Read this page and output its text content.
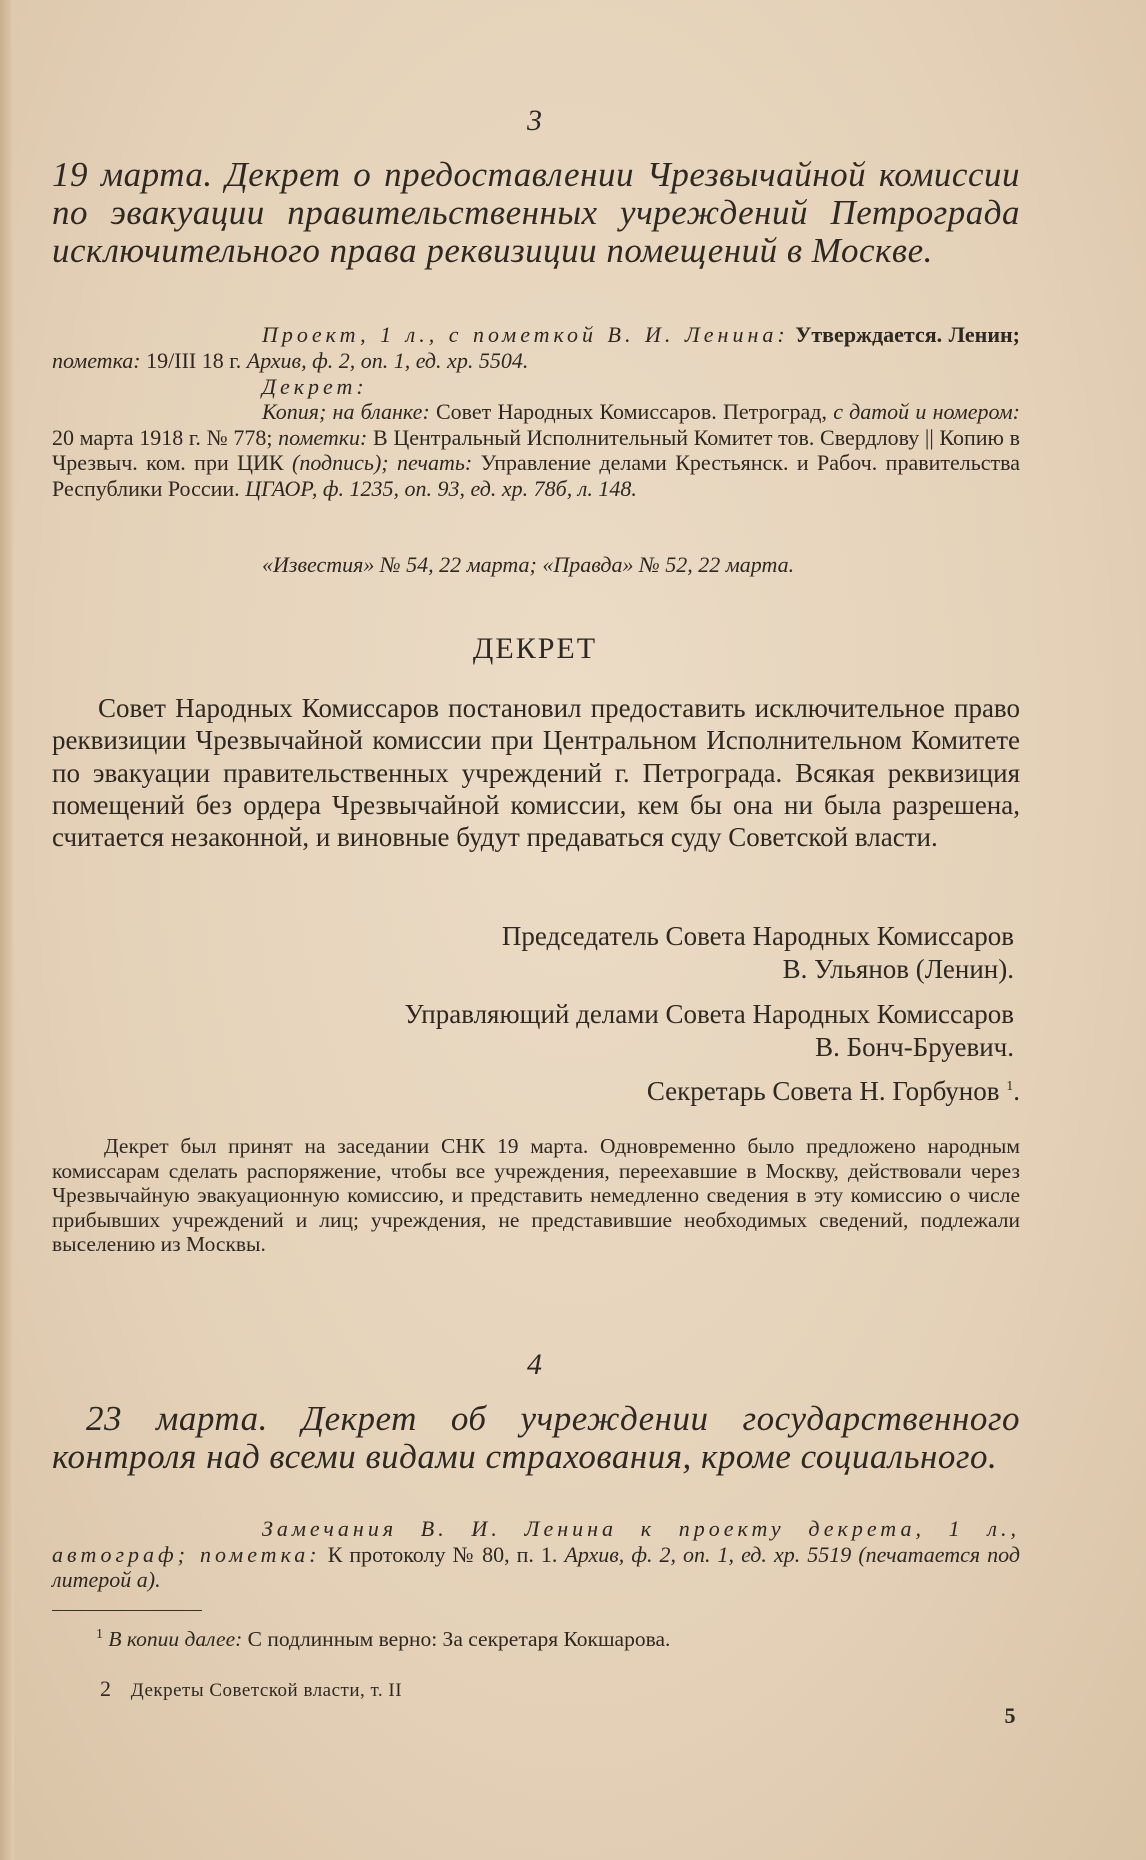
3
19 марта. Декрет о предоставлении Чрезвычайной комиссии по эвакуации правительственных учреждений Петрограда исключительного права реквизиции помещений в Москве.
Проект, 1 л., с пометкой В. И. Ленина: Утверждается. Ленин; пометка: 19/III 18 г. Архив, ф. 2, оп. 1, ед. хр. 5504.
Декрет:
Копия; на бланке: Совет Народных Комиссаров. Петроград, с датой и номером: 20 марта 1918 г. № 778; пометки: В Центральный Исполнительный Комитет тов. Свердлову || Копию в Чрезвыч. ком. при ЦИК (подпись); печать: Управление делами Крестьянск. и Рабоч. правительства Республики России. ЦГАОР, ф. 1235, оп. 93, ед. хр. 78б, л. 148.
«Известия» № 54, 22 марта; «Правда» № 52, 22 марта.
ДЕКРЕТ
Совет Народных Комиссаров постановил предоставить исключительное право реквизиции Чрезвычайной комиссии при Центральном Исполнительном Комитете по эвакуации правительственных учреждений г. Петрограда. Всякая реквизиция помещений без ордера Чрезвычайной комиссии, кем бы она ни была разрешена, считается незаконной, и виновные будут предаваться суду Советской власти.
Председатель Совета Народных Комиссаров
В. Ульянов (Ленин).
Управляющий делами Совета Народных Комиссаров
В. Бонч-Бруевич.
Секретарь Совета Н. Горбунов $^1$.
Декрет был принят на заседании СНК 19 марта. Одновременно было предложено народным комиссарам сделать распоряжение, чтобы все учреждения, переехавшие в Москву, действовали через Чрезвычайную эвакуационную комиссию, и представить немедленно сведения в эту комиссию о числе прибывших учреждений и лиц; учреждения, не представившие необходимых сведений, подлежали выселению из Москвы.
4
23 марта. Декрет об учреждении государственного контроля над всеми видами страхования, кроме социального.
Замечания В. И. Ленина к проекту декрета, 1 л., автограф; пометка: К протоколу № 80, п. 1. Архив, ф. 2, оп. 1, ед. хр. 5519 (печатается под литерой а).
$^1$ В копии далее: С подлинным верно: За секретаря Кокшарова.
2 Декреты Советской власти, т. II
5
